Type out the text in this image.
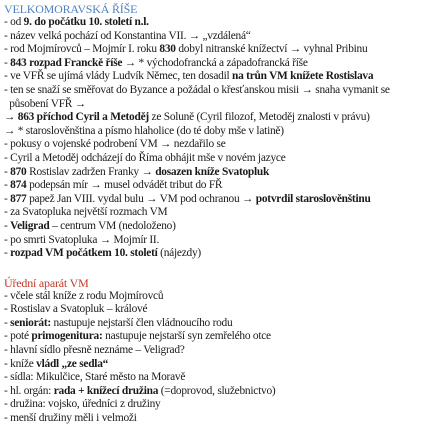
VELKOMORAVSKÁ ŘÍŠE
- od 9. do počátku 10. století n.l.
- název velká pochází od Konstantina VII. → „vzdálená“
- rod Mojmírovců – Mojmír I. roku 830 dobyl nitranské knížectví → vyhnal Pribinu
- 843 rozpad Franckě říše → * východofrancká a západofrancká říše
- ve VFŘ se ujímá vlády Ludvík Němec, ten dosadil na trůn VM knížete Rostislava
- ten se snaží se směřovat do Byzance a požádal o křesťanskou misii → snaha vymanit se
působení VFŘ →
→ 863 příchod Cyril a Metoděj ze Soluně (Cyril filozof, Metoděj znalosti v právu)
→ * staroslověnština a písmo hlaholice (do té doby mše v latině)
- pokusy o vojenské podrobení VM → nezdařilo se
- Cyril a Metoděj odcházejí do Říma obhájit mše v novém jazyce
- 870 Rostislav zadržen Franky → dosazen kníže Svatopluk
- 874 podepsán mír → musel odvádět tribut do FŘ
- 877 papež Jan VIII. vydal bulu → VM pod ochranou → potvrdil staroslověnštinu
- za Svatopluka největší rozmach VM
- Veligrad – centrum VM (nedoloženo)
- po smrti Svatopluka → Mojmír II.
- rozpad VM počátkem 10. století (nájezdy)
Úřední aparát VM
- včele stál kníže z rodu Mojmírovců
- Rostislav a Svatopluk – králové
- seniorát: nastupuje nejstarší člen vládnoucího rodu
- poté primogenitura: nastupuje nejstarší syn zemřelého otce
- hlavní sídlo přesně neznáme – Veligrad?
- kníže vládl „ze sedla“
- sídla: Mikulčice, Staré město na Moravě
- hl. orgán: rada + knížecí družina (=doprovod, služebnictvo)
- družina: vojsko, úředníci z družiny
- menší družiny měli i velmoži
